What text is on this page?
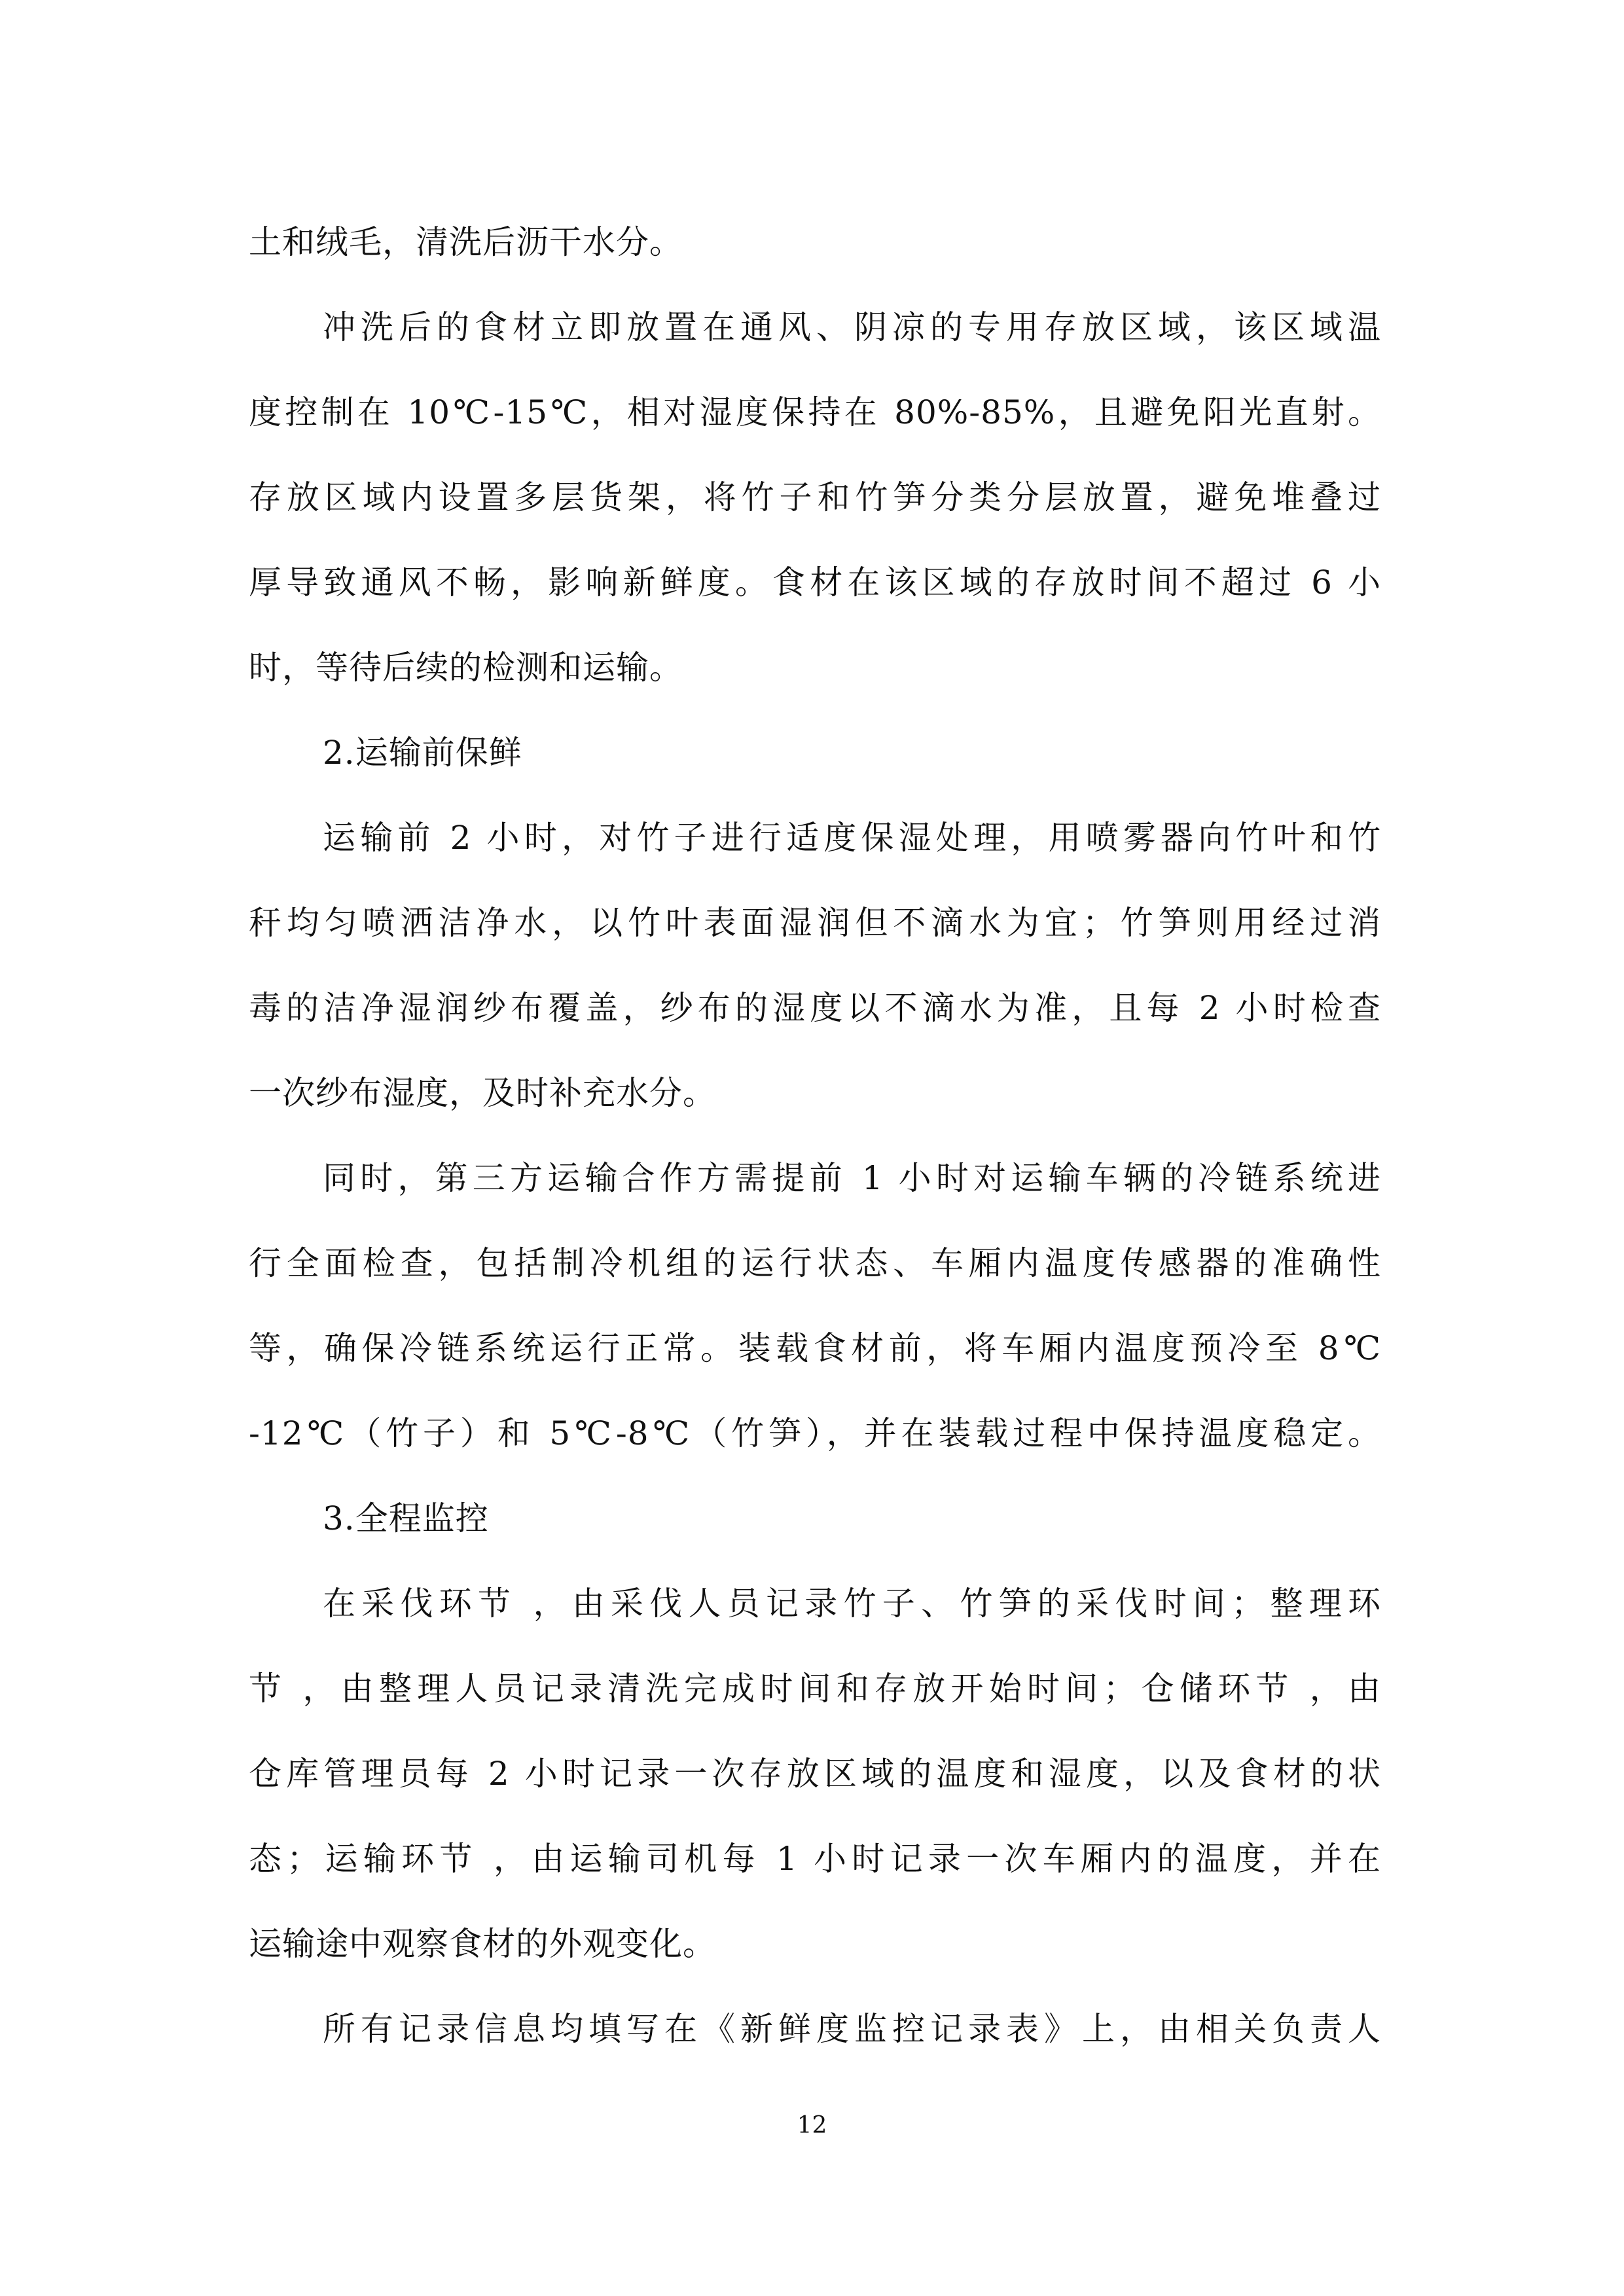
土和绒毛，清洗后沥干水分。
冲洗后的食材立即放置在通风、阴凉的专用存放区域，该区域温
度控制在 10℃-15℃，相对湿度保持在 80%-85%，且避免阳光直射。
存放区域内设置多层货架，将竹子和竹笋分类分层放置，避免堆叠过
厚导致通风不畅，影响新鲜度。食材在该区域的存放时间不超过 6 小
时，等待后续的检测和运输。
2.运输前保鲜
运输前 2 小时，对竹子进行适度保湿处理，用喷雾器向竹叶和竹
秆均匀喷洒洁净水，以竹叶表面湿润但不滴水为宜；竹笋则用经过消
毒的洁净湿润纱布覆盖，纱布的湿度以不滴水为准，且每 2 小时检查
一次纱布湿度，及时补充水分。
同时，第三方运输合作方需提前 1 小时对运输车辆的冷链系统进
行全面检查，包括制冷机组的运行状态、车厢内温度传感器的准确性
等，确保冷链系统运行正常。装载食材前，将车厢内温度预冷至 8℃
-12℃（竹子）和 5℃-8℃（竹笋），并在装载过程中保持温度稳定。
3.全程监控
在采伐环节 ，由采伐人员记录竹子、竹笋的采伐时间；整理环
节 ，由整理人员记录清洗完成时间和存放开始时间；仓储环节 ，由
仓库管理员每 2 小时记录一次存放区域的温度和湿度，以及食材的状
态；运输环节 ，由运输司机每 1 小时记录一次车厢内的温度，并在
运输途中观察食材的外观变化。
所有记录信息均填写在《新鲜度监控记录表》上，由相关负责人
12
